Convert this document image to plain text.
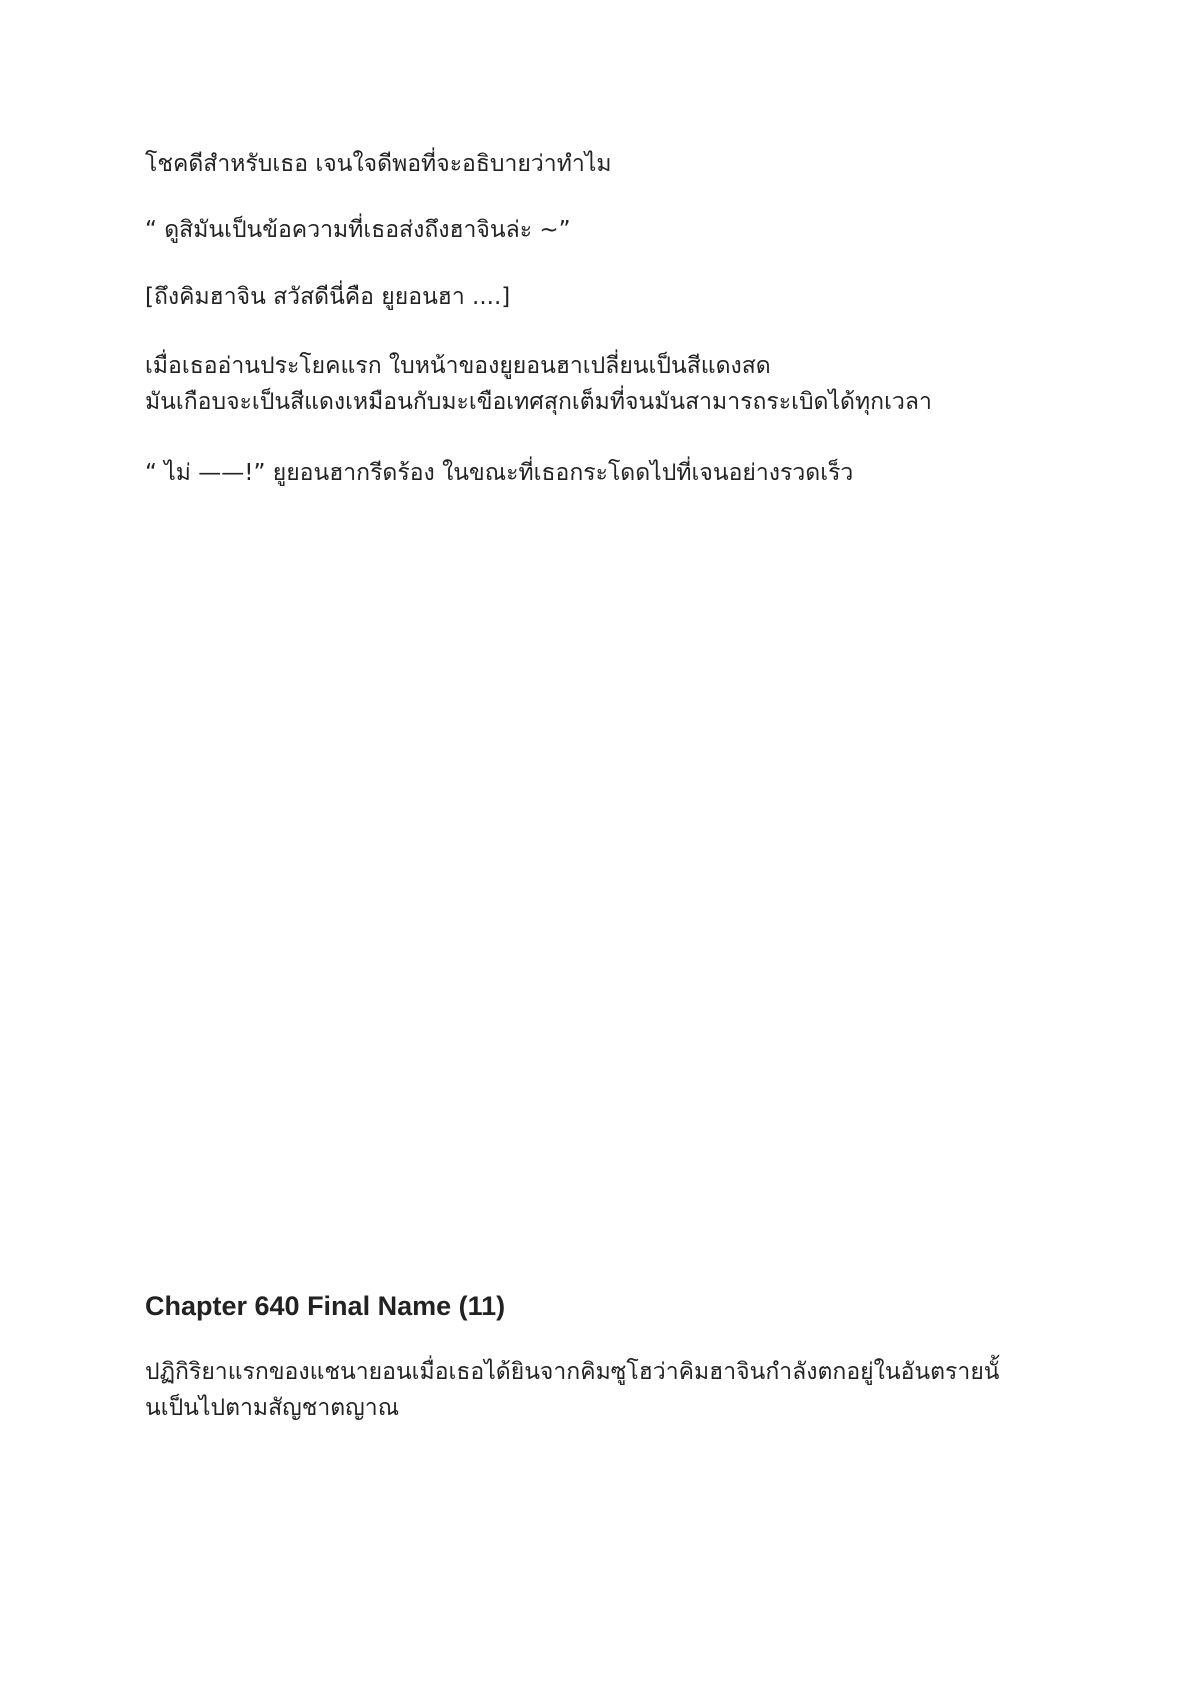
โชคดีสำหรับเธอ เจนใจดีพอที่จะอธิบายว่าทำไม

“ ดูสิมันเป็นข้อความที่เธอส่งถึงฮาจินล่ะ ~”

[ถึงคิมฮาจิน สวัสดีนี่คือ ยูยอนฮา ....]

เมื่อเธออ่านประโยคแรก ใบหน้าของยูยอนฮาเปลี่ยนเป็นสีแดงสด
มันเกือบจะเป็นสีแดงเหมือนกับมะเขือเทศสุกเต็มที่จนมันสามารถระเบิดได้ทุกเวลา

“ ไม่ ——!” ยูยอนฮากรีดร้อง ในขณะที่เธอกระโดดไปที่เจนอย่างรวดเร็ว

Chapter 640 Final Name (11)

ปฏิกิริยาแรกของแชนายอนเมื่อเธอได้ยินจากคิมซูโฮว่าคิมฮาจินกำลังตกอยู่ในอันตรายนั้
นเป็นไปตามสัญชาตญาณ
